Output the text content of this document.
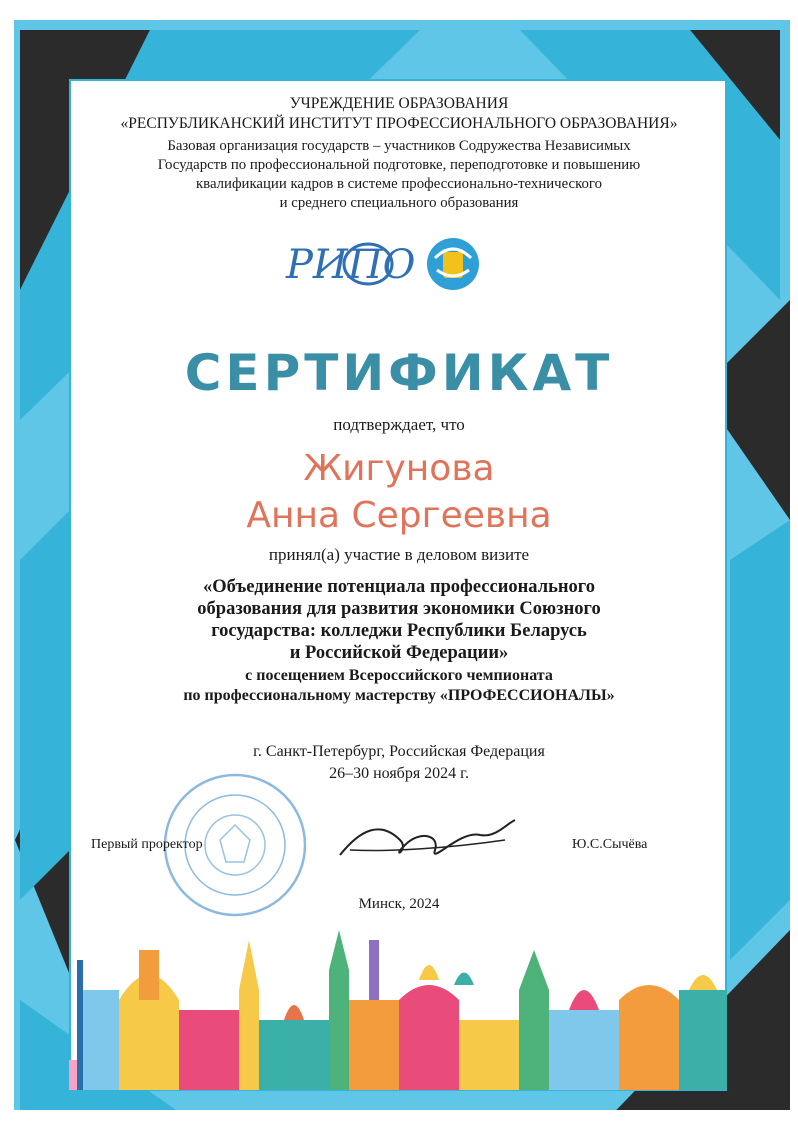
УЧРЕЖДЕНИЕ ОБРАЗОВАНИЯ
«РЕСПУБЛИКАНСКИЙ ИНСТИТУТ ПРОФЕССИОНАЛЬНОГО ОБРАЗОВАНИЯ»
Базовая организация государств – участников Содружества Независимых
Государств по профессиональной подготовке, переподготовке и повышению
квалификации кадров в системе профессионально-технического
и среднего специального образования
РИПО
СЕРТИФИКАТ
подтверждает, что
Жигунова
Анна Сергеевна
принял(а) участие в деловом визите
«Объединение потенциала профессионального
образования для развития экономики Союзного
государства: колледжи Республики Беларусь
и Российской Федерации»
с посещением Всероссийского чемпионата
по профессиональному мастерству «ПРОФЕССИОНАЛЫ»
г. Санкт-Петербург, Российская Федерация
26–30 ноября 2024 г.
Первый проректор	Ю.С.Сычёва
Минск, 2024
